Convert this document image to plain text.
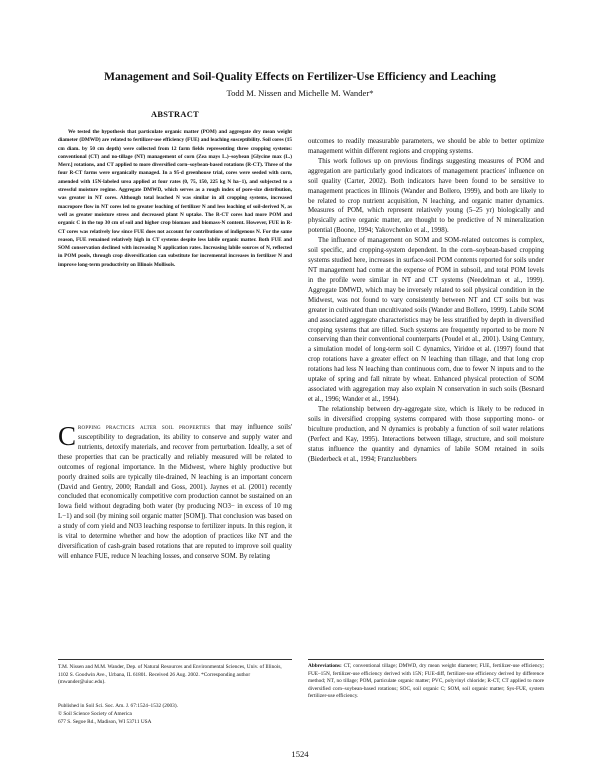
Management and Soil-Quality Effects on Fertilizer-Use Efficiency and Leaching
Todd M. Nissen and Michelle M. Wander*
ABSTRACT

We tested the hypothesis that particulate organic matter (POM) and aggregate dry mean weight diameter (DMWD) are related to fertilizer-use efficiency (FUE) and leaching susceptibility. Soil cores (15 cm diam. by 50 cm depth) were collected from 12 farm fields representing three cropping systems: conventional (CT) and no-tillage (NT) management of corn (Zea mays L.)–soybean [Glycine max (L.) Merr.] rotations, and CT applied to more diversified corn–soybean-based rotations (R-CT). Three of the four R-CT farms were organically managed. In a 95-d greenhouse trial, cores were seeded with corn, amended with 15N-labeled urea applied at four rates (0, 75, 150, 225 kg N ha−1), and subjected to a stressful moisture regime. Aggregate DMWD, which serves as a rough index of pore-size distribution, was greater in NT cores. Although total leached N was similar in all cropping systems, increased macropore flow in NT cores led to greater leaching of fertilizer N and less leaching of soil-derived N, as well as greater moisture stress and decreased plant N uptake. The R-CT cores had more POM and organic C in the top 30 cm of soil and higher crop biomass and biomass-N content. However, FUE in R-CT cores was relatively low since FUE does not account for contributions of indigenous N. For the same reason, FUE remained relatively high in CT systems despite less labile organic matter. Both FUE and SOM conservation declined with increasing N application rates. Increasing labile sources of N, reflected in POM pools, through crop diversification can substitute for incremental increases in fertilizer N and improve long-term productivity on Illinois Mollisols.

Cropping practices alter soil properties that may influence soils' susceptibility to degradation, its ability to conserve and supply water and nutrients, detoxify materials, and recover from perturbation. Ideally, a set of these properties that can be practically and reliably measured will be related to outcomes of regional importance. In the Midwest, where highly productive but poorly drained soils are typically tile-drained, N leaching is an important concern (David and Gentry, 2000; Randall and Goss, 2001). Jaynes et al. (2001) recently concluded that economically competitive corn production cannot be sustained on an Iowa field without degrading both water (by producing NO3− in excess of 10 mg L−1) and soil (by mining soil organic matter [SOM]). That conclusion was based on a study of corn yield and NO3 leaching response to fertilizer inputs. In this region, it is vital to determine whether and how the adoption of practices like NT and the diversification of cash-grain based rotations that are reputed to improve soil quality will enhance FUE, reduce N leaching losses, and conserve SOM. By relating

outcomes to readily measurable parameters, we should be able to better optimize management within different regions and cropping systems.

This work follows up on previous findings suggesting measures of POM and aggregation are particularly good indicators of management practices' influence on soil quality (Carter, 2002). Both indicators have been found to be sensitive to management practices in Illinois (Wander and Bollero, 1999), and both are likely to be related to crop nutrient acquisition, N leaching, and organic matter dynamics. Measures of POM, which represent relatively young (5–25 yr) biologically and physically active organic matter, are thought to be predictive of N mineralization potential (Boone, 1994; Yakovchenko et al., 1998).

The influence of management on SOM and SOM-related outcomes is complex, soil specific, and cropping-system dependent. In the corn–soybean-based cropping systems studied here, increases in surface-soil POM contents reported for soils under NT management had come at the expense of POM in subsoil, and total POM levels in the profile were similar in NT and CT systems (Needelman et al., 1999). Aggregate DMWD, which may be inversely related to soil physical condition in the Midwest, was not found to vary consistently between NT and CT soils but was greater in cultivated than uncultivated soils (Wander and Bollero, 1999). Labile SOM and associated aggregate characteristics may be less stratified by depth in diversified cropping systems that are tilled. Such systems are frequently reported to be more N conserving than their conventional counterparts (Poudel et al., 2001). Using Century, a simulation model of long-term soil C dynamics, Yiridoe et al. (1997) found that crop rotations have a greater effect on N leaching than tillage, and that long crop rotations had less N leaching than continuous corn, due to fewer N inputs and to the uptake of spring and fall nitrate by wheat. Enhanced physical protection of SOM associated with aggregation may also explain N conservation in such soils (Besnard et al., 1996; Wander et al., 1994).

The relationship between dry-aggregate size, which is likely to be reduced in soils in diversified cropping systems compared with those supporting mono- or biculture production, and N dynamics is probably a function of soil water relations (Perfect and Kay, 1995). Interactions between tillage, structure, and soil moisture status influence the quantity and dynamics of labile SOM retained in soils (Biederbeck et al., 1994; Franzluebbers

T.M. Nissen and M.M. Wander, Dep. of Natural Resources and Environmental Sciences, Univ. of Illinois, 1102 S. Goodwin Ave., Urbana, IL 61801. Received 26 Aug. 2002. *Corresponding author (mwander@uiuc.edu).

Published in Soil Sci. Soc. Am. J. 67:1524–1532 (2003).

© Soil Science Society of America

677 S. Segoe Rd., Madison, WI 53711 USA

Abbreviations: CT, conventional tillage; DMWD, dry mean weight diameter; FUE, fertilizer-use efficiency; FUE–15N, fertilizer-use efficiency derived with 15N; FUE-diff, fertilizer-use efficiency derived by difference method; NT, no tillage; POM, particulate organic matter; PVC, polyvinyl chloride; R-CT, CT applied to more diversified corn–soybean-based rotations; SOC, soil organic C; SOM, soil organic matter; Sys-FUE, system fertilizer-use efficiency.

1524
